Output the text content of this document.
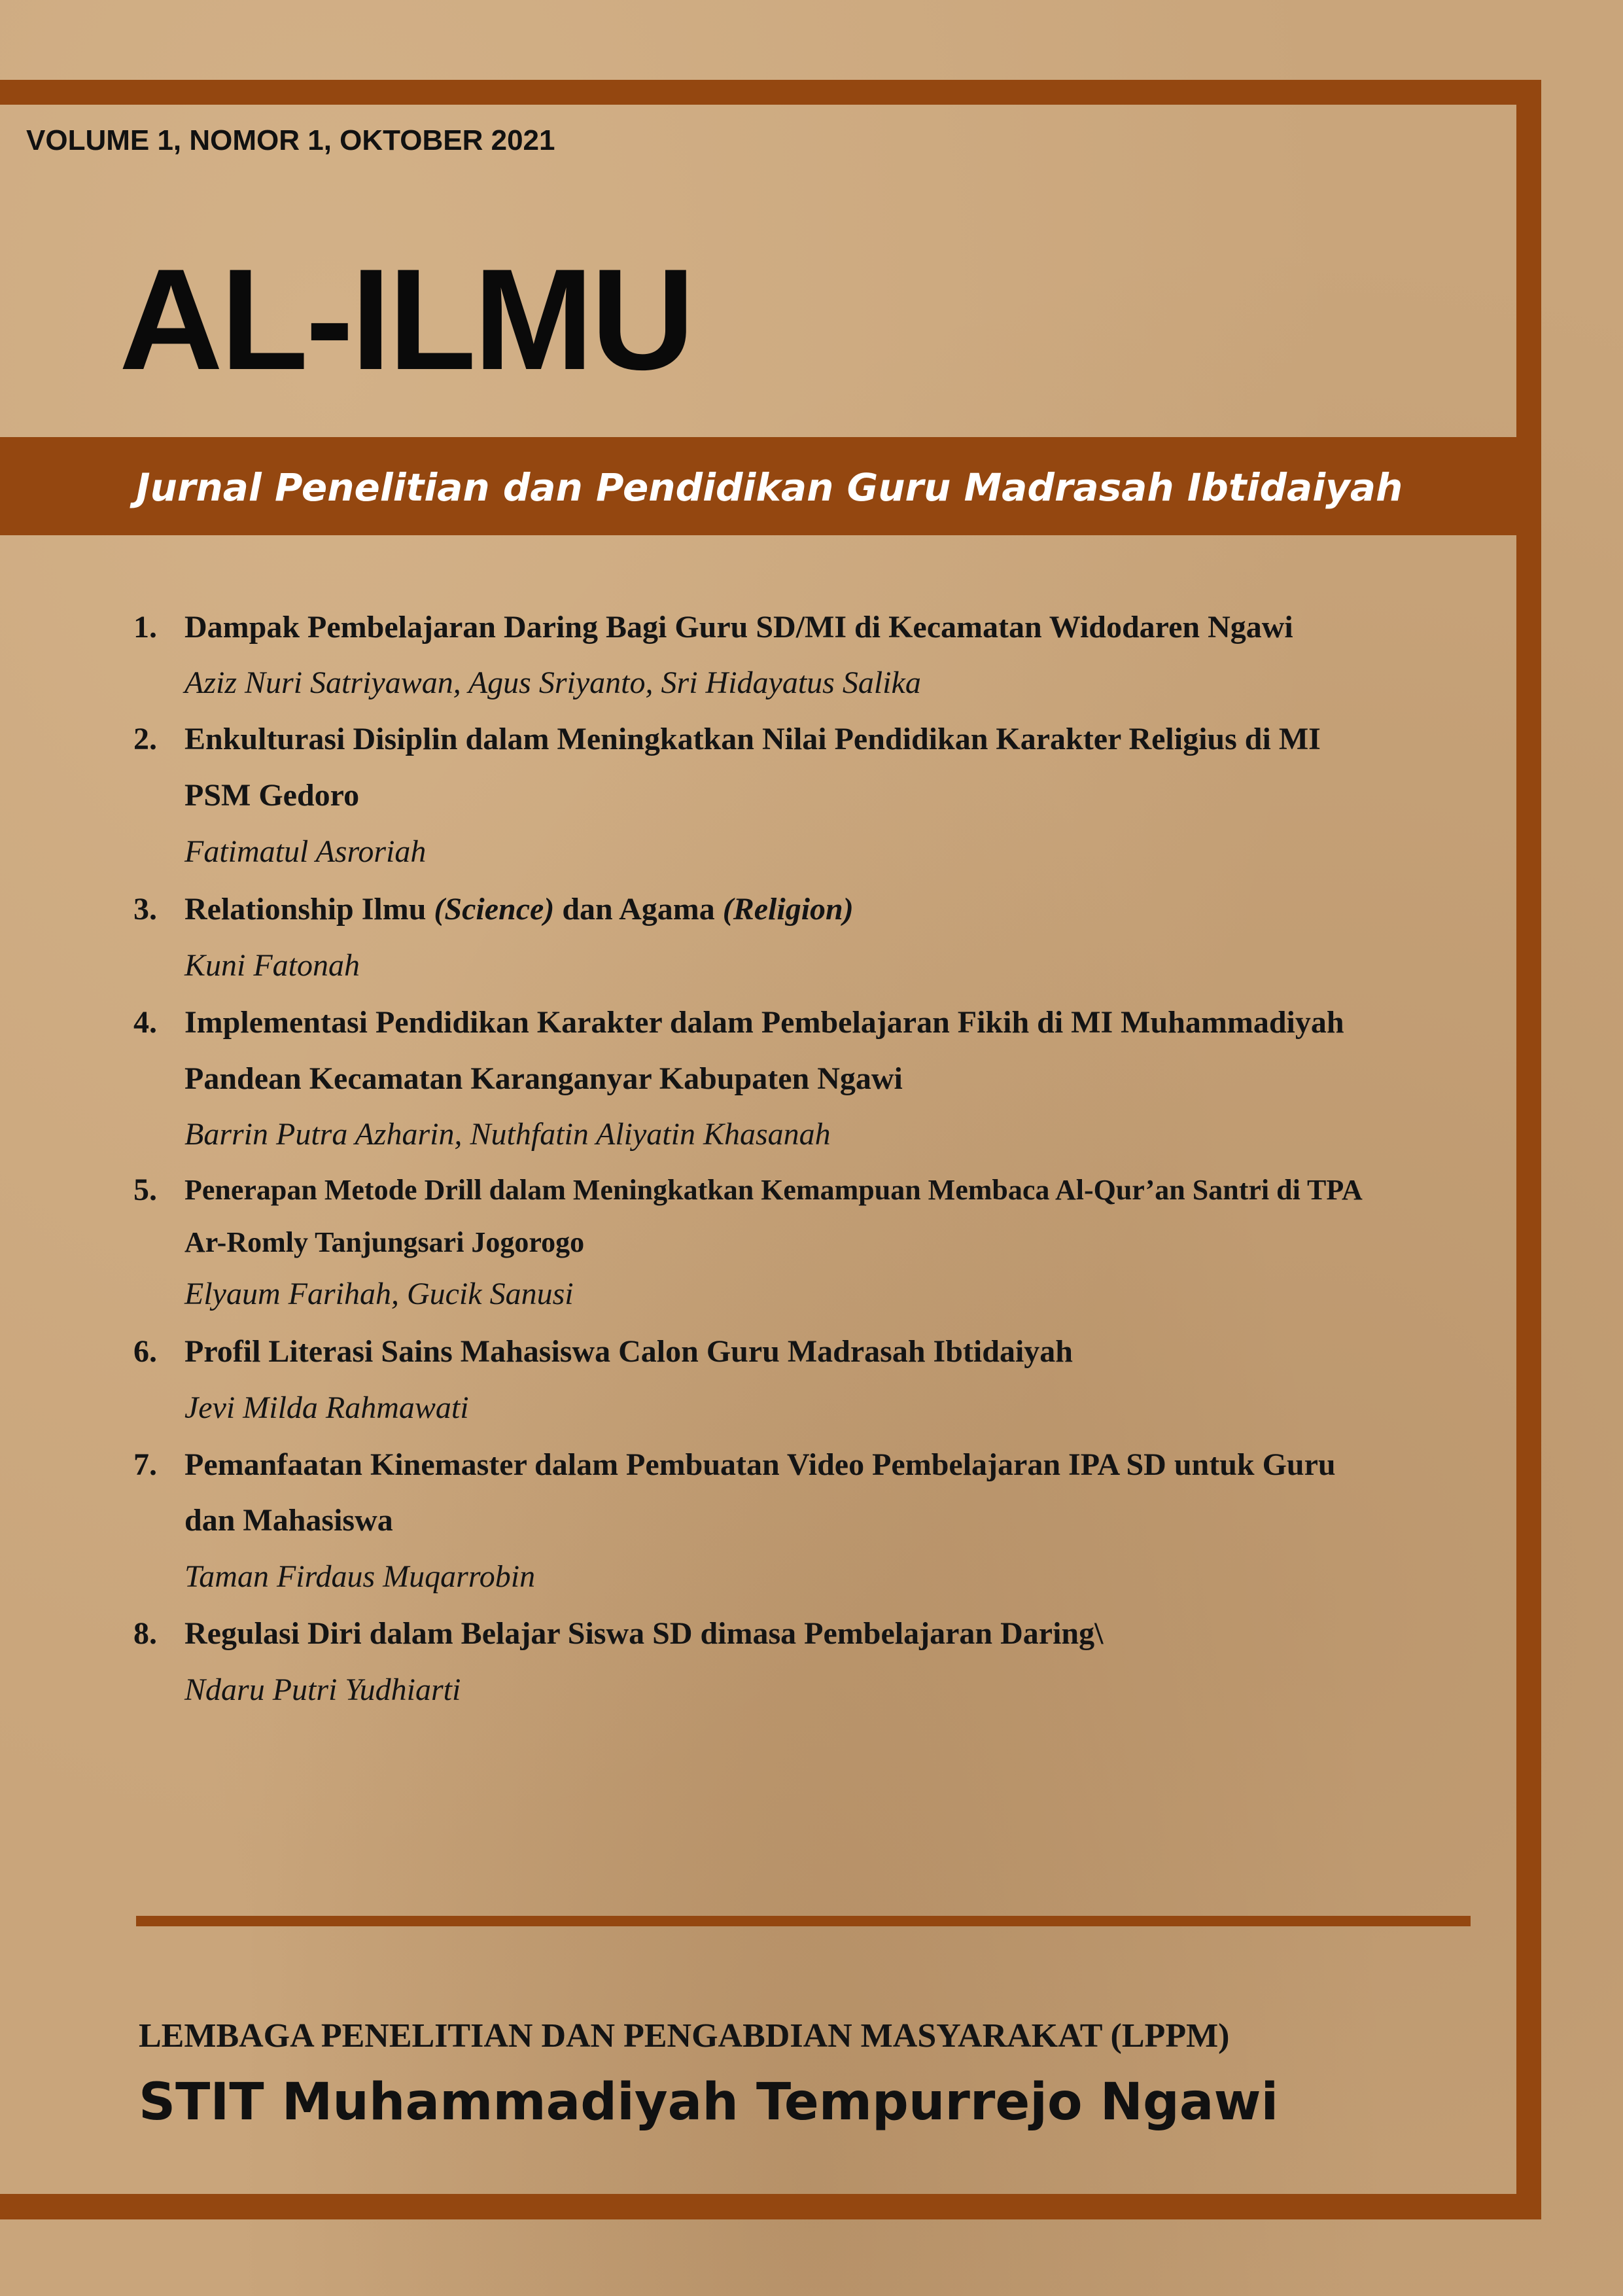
VOLUME 1, NOMOR 1, OKTOBER 2021
AL-ILMU
Jurnal Penelitian dan Pendidikan Guru Madrasah Ibtidaiyah
1. Dampak Pembelajaran Daring Bagi Guru SD/MI di Kecamatan Widodaren Ngawi
Aziz Nuri Satriyawan, Agus Sriyanto, Sri Hidayatus Salika
2. Enkulturasi Disiplin dalam Meningkatkan Nilai Pendidikan Karakter Religius di MI
PSM Gedoro
Fatimatul Asroriah
3. Relationship Ilmu (Science) dan Agama (Religion)
Kuni Fatonah
4. Implementasi Pendidikan Karakter dalam Pembelajaran Fikih di MI Muhammadiyah
Pandean Kecamatan Karanganyar Kabupaten Ngawi
Barrin Putra Azharin, Nuthfatin Aliyatin Khasanah
5. Penerapan Metode Drill dalam Meningkatkan Kemampuan Membaca Al-Qur’an Santri di TPA
Ar-Romly Tanjungsari Jogorogo
Elyaum Farihah, Gucik Sanusi
6. Profil Literasi Sains Mahasiswa Calon Guru Madrasah Ibtidaiyah
Jevi Milda Rahmawati
7. Pemanfaatan Kinemaster dalam Pembuatan Video Pembelajaran IPA SD untuk Guru
dan Mahasiswa
Taman Firdaus Muqarrobin
8. Regulasi Diri dalam Belajar Siswa SD dimasa Pembelajaran Daring\
Ndaru Putri Yudhiarti
LEMBAGA PENELITIAN DAN PENGABDIAN MASYARAKAT (LPPM)
STIT Muhammadiyah Tempurrejo Ngawi
